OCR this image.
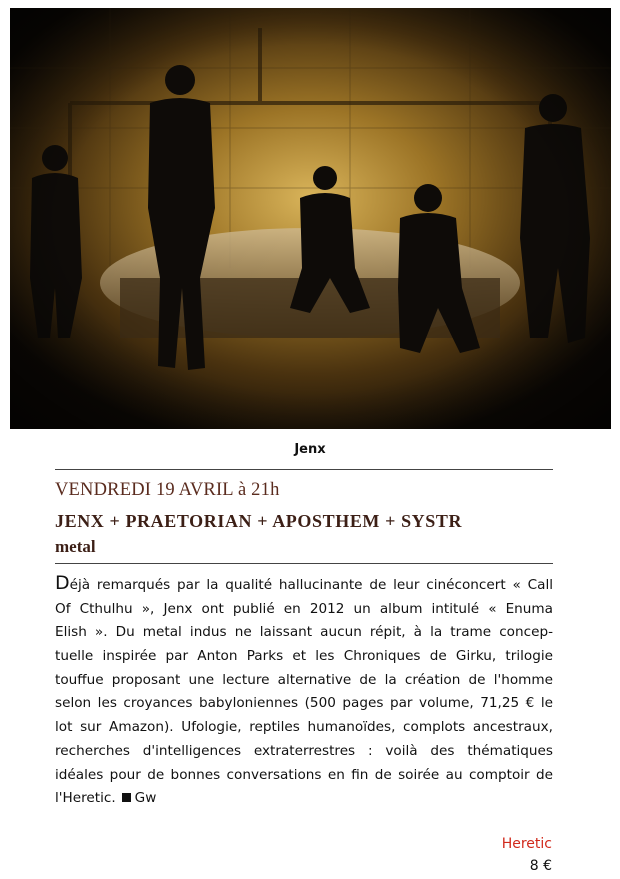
Jenx
VENDREDI 19 AVRIL à 21h
JENX + PRAETORIAN + APOSTHEM + SYSTR
metal
Déjà remarqués par la qualité hallucinante de leur cinéconcert « Call
Of Cthulhu », Jenx ont publié en 2012 un album intitulé « Enuma
Elish ». Du metal indus ne laissant aucun répit, à la trame concep-
tuelle inspirée par Anton Parks et les Chroniques de Girku, trilogie
touffue proposant une lecture alternative de la création de l'homme
selon les croyances babyloniennes (500 pages par volume, 71,25 € le
lot sur Amazon). Ufologie, reptiles humanoïdes, complots ancestraux,
recherches d'intelligences extraterrestres : voilà des thématiques
idéales pour de bonnes conversations en fin de soirée au comptoir de
l'Heretic. Gw
Heretic
8 €
